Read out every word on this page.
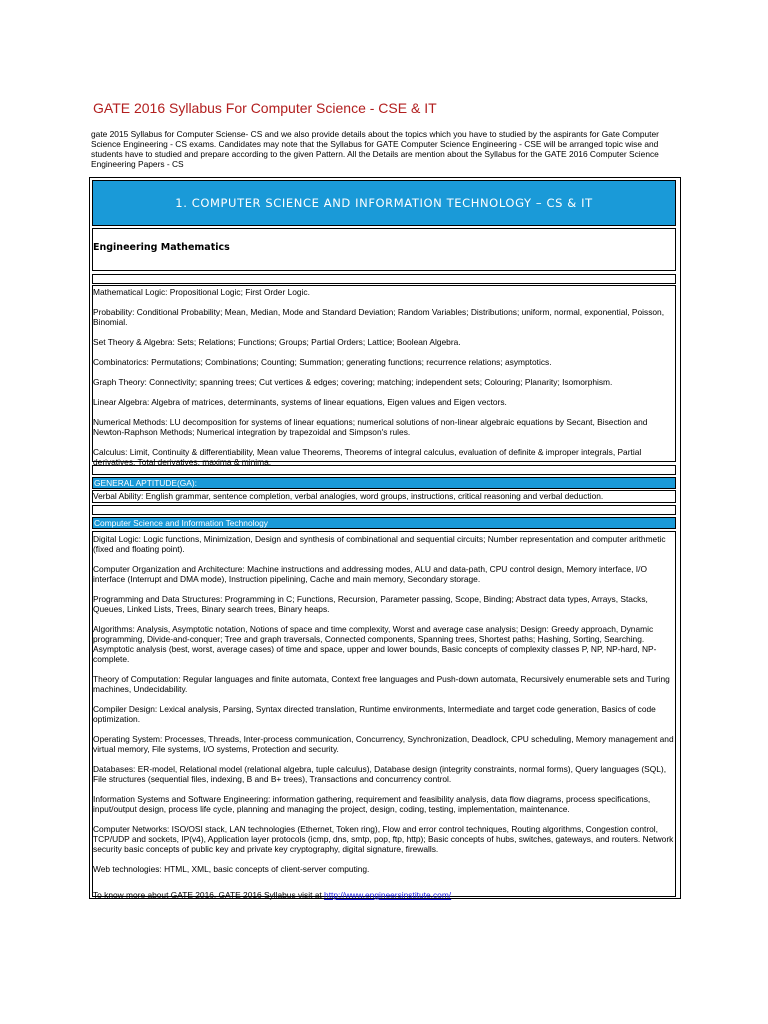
GATE 2016 Syllabus For Computer Science - CSE & IT
gate 2015 Syllabus for Computer Sciense- CS and we also provide details about the topics which you have to studied by the aspirants for Gate Computer Science Engineering - CS exams. Candidates may note that the Syllabus for GATE Computer Science Engineering - CSE will be arranged topic wise and students have to studied and prepare according to the given Pattern. All the Details are mention about the Syllabus for the GATE 2016 Computer Science Engineering Papers - CS
1. COMPUTER SCIENCE AND INFORMATION TECHNOLOGY – CS & IT
Engineering Mathematics

Mathematical Logic: Propositional Logic; First Order Logic.

Probability: Conditional Probability; Mean, Median, Mode and Standard Deviation; Random Variables; Distributions; uniform, normal, exponential, Poisson, Binomial.

Set Theory & Algebra: Sets; Relations; Functions; Groups; Partial Orders; Lattice; Boolean Algebra.

Combinatorics: Permutations; Combinations; Counting; Summation; generating functions; recurrence relations; asymptotics.

Graph Theory: Connectivity; spanning trees; Cut vertices & edges; covering; matching; independent sets; Colouring; Planarity; Isomorphism.

Linear Algebra: Algebra of matrices, determinants, systems of linear equations, Eigen values and Eigen vectors.

Numerical Methods: LU decomposition for systems of linear equations; numerical solutions of non-linear algebraic equations by Secant, Bisection and Newton-Raphson Methods; Numerical integration by trapezoidal and Simpson's rules.

Calculus: Limit, Continuity & differentiability, Mean value Theorems, Theorems of integral calculus, evaluation of definite & improper integrals, Partial derivatives, Total derivatives, maxima & minima.

GENERAL APTITUDE(GA):
Verbal Ability: English grammar, sentence completion, verbal analogies, word groups, instructions, critical reasoning and verbal deduction.
Computer Science and Information Technology

Digital Logic: Logic functions, Minimization, Design and synthesis of combinational and sequential circuits; Number representation and computer arithmetic (fixed and floating point).

Computer Organization and Architecture: Machine instructions and addressing modes, ALU and data-path, CPU control design, Memory interface, I/O interface (Interrupt and DMA mode), Instruction pipelining, Cache and main memory, Secondary storage.

Programming and Data Structures: Programming in C; Functions, Recursion, Parameter passing, Scope, Binding; Abstract data types, Arrays, Stacks, Queues, Linked Lists, Trees, Binary search trees, Binary heaps.

Algorithms: Analysis, Asymptotic notation, Notions of space and time complexity, Worst and average case analysis; Design: Greedy approach, Dynamic programming, Divide-and-conquer; Tree and graph traversals, Connected components, Spanning trees, Shortest paths; Hashing, Sorting, Searching. Asymptotic analysis (best, worst, average cases) of time and space, upper and lower bounds, Basic concepts of complexity classes P, NP, NP-hard, NP-complete.

Theory of Computation: Regular languages and finite automata, Context free languages and Push-down automata, Recursively enumerable sets and Turing machines, Undecidability.

Compiler Design: Lexical analysis, Parsing, Syntax directed translation, Runtime environments, Intermediate and target code generation, Basics of code optimization.

Operating System: Processes, Threads, Inter-process communication, Concurrency, Synchronization, Deadlock, CPU scheduling, Memory management and virtual memory, File systems, I/O systems, Protection and security.

Databases: ER-model, Relational model (relational algebra, tuple calculus), Database design (integrity constraints, normal forms), Query languages (SQL), File structures (sequential files, indexing, B and B+ trees), Transactions and concurrency control.

Information Systems and Software Engineering: information gathering, requirement and feasibility analysis, data flow diagrams, process specifications, input/output design, process life cycle, planning and managing the project, design, coding, testing, implementation, maintenance.

Computer Networks: ISO/OSI stack, LAN technologies (Ethernet, Token ring), Flow and error control techniques, Routing algorithms, Congestion control, TCP/UDP and sockets, IP(v4), Application layer protocols (icmp, dns, smtp, pop, ftp, http); Basic concepts of hubs, switches, gateways, and routers. Network security basic concepts of public key and private key cryptography, digital signature, firewalls.

Web technologies: HTML, XML, basic concepts of client-server computing.

To know more about GATE 2016, GATE 2016 Syllabus visit at http://www.engineersinstitute.com/
